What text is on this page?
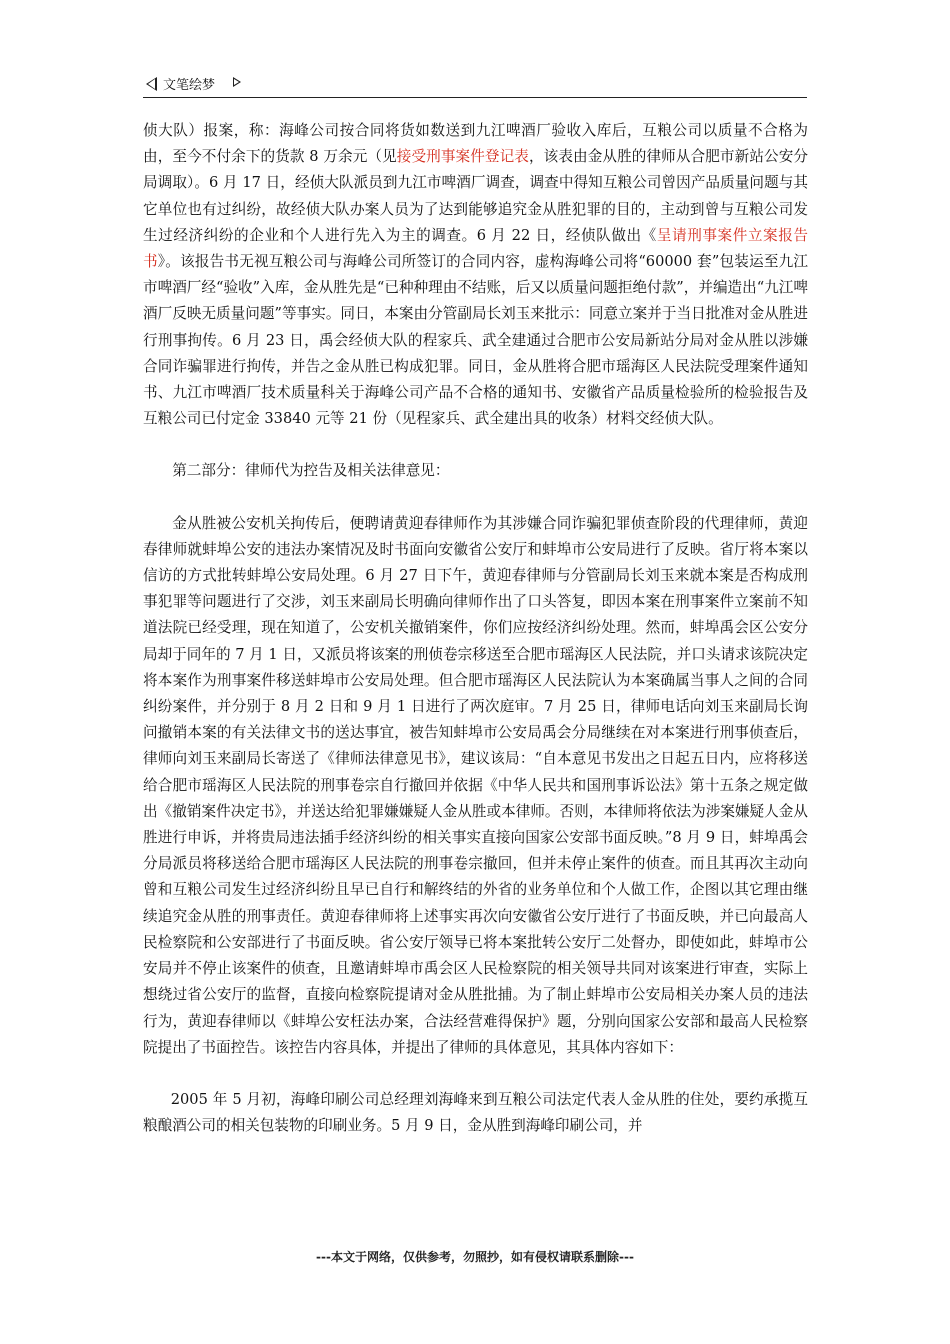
文笔绘梦

侦大队）报案，称：海峰公司按合同将货如数送到九江啤酒厂验收入库后，互粮公司以质量不合格为由，至今不付余下的货款 8 万余元（见接受刑事案件登记表，该表由金从胜的律师从合肥市新站公安分局调取）。6 月 17 日，经侦大队派员到九江市啤酒厂调查，调查中得知互粮公司曾因产品质量问题与其它单位也有过纠纷，故经侦大队办案人员为了达到能够追究金从胜犯罪的目的，主动到曾与互粮公司发生过经济纠纷的企业和个人进行先入为主的调查。6 月 22 日，经侦队做出《呈请刑事案件立案报告书》。该报告书无视互粮公司与海峰公司所签订的合同内容，虚构海峰公司将“60000 套”包装运至九江市啤酒厂经“验收”入库，金从胜先是“已种种理由不结账，后又以质量问题拒绝付款”，并编造出“九江啤酒厂反映无质量问题”等事实。同日，本案由分管副局长刘玉来批示：同意立案并于当日批准对金从胜进行刑事拘传。6 月 23 日，禹会经侦大队的程家兵、武全建通过合肥市公安局新站分局对金从胜以涉嫌合同诈骗罪进行拘传，并告之金从胜已构成犯罪。同日，金从胜将合肥市瑶海区人民法院受理案件通知书、九江市啤酒厂技术质量科关于海峰公司产品不合格的通知书、安徽省产品质量检验所的检验报告及互粮公司已付定金 33840 元等 21 份（见程家兵、武全建出具的收条）材料交经侦大队。

第二部分：律师代为控告及相关法律意见：

金从胜被公安机关拘传后，便聘请黄迎春律师作为其涉嫌合同诈骗犯罪侦查阶段的代理律师，黄迎春律师就蚌埠公安的违法办案情况及时书面向安徽省公安厅和蚌埠市公安局进行了反映。省厅将本案以信访的方式批转蚌埠公安局处理。6 月 27 日下午，黄迎春律师与分管副局长刘玉来就本案是否构成刑事犯罪等问题进行了交涉，刘玉来副局长明确向律师作出了口头答复，即因本案在刑事案件立案前不知道法院已经受理，现在知道了，公安机关撤销案件，你们应按经济纠纷处理。然而，蚌埠禹会区公安分局却于同年的 7 月 1 日，又派员将该案的刑侦卷宗移送至合肥市瑶海区人民法院，并口头请求该院决定将本案作为刑事案件移送蚌埠市公安局处理。但合肥市瑶海区人民法院认为本案确属当事人之间的合同纠纷案件，并分别于 8 月 2 日和 9 月 1 日进行了两次庭审。7 月 25 日，律师电话向刘玉来副局长询问撤销本案的有关法律文书的送达事宜，被告知蚌埠市公安局禹会分局继续在对本案进行刑事侦查后，律师向刘玉来副局长寄送了《律师法律意见书》，建议该局：“自本意见书发出之日起五日内，应将移送给合肥市瑶海区人民法院的刑事卷宗自行撤回并依据《中华人民共和国刑事诉讼法》第十五条之规定做出《撤销案件决定书》，并送达给犯罪嫌嫌疑人金从胜或本律师。否则，本律师将依法为涉案嫌疑人金从胜进行申诉，并将贵局违法插手经济纠纷的相关事实直接向国家公安部书面反映。”8 月 9 日，蚌埠禹会分局派员将移送给合肥市瑶海区人民法院的刑事卷宗撤回，但并未停止案件的侦查。而且其再次主动向曾和互粮公司发生过经济纠纷且早已自行和解终结的外省的业务单位和个人做工作，企图以其它理由继续追究金从胜的刑事责任。黄迎春律师将上述事实再次向安徽省公安厅进行了书面反映，并已向最高人民检察院和公安部进行了书面反映。省公安厅领导已将本案批转公安厅二处督办，即使如此，蚌埠市公安局并不停止该案件的侦查，且邀请蚌埠市禹会区人民检察院的相关领导共同对该案进行审查，实际上想绕过省公安厅的监督，直接向检察院提请对金从胜批捕。为了制止蚌埠市公安局相关办案人员的违法行为，黄迎春律师以《蚌埠公安枉法办案，合法经营难得保护》题，分别向国家公安部和最高人民检察院提出了书面控告。该控告内容具体，并提出了律师的具体意见，其具体内容如下：

2005 年 5 月初，海峰印刷公司总经理刘海峰来到互粮公司法定代表人金从胜的住处，要约承揽互粮酿酒公司的相关包装物的印刷业务。5 月 9 日，金从胜到海峰印刷公司，并

---本文于网络，仅供参考，勿照抄，如有侵权请联系删除---
